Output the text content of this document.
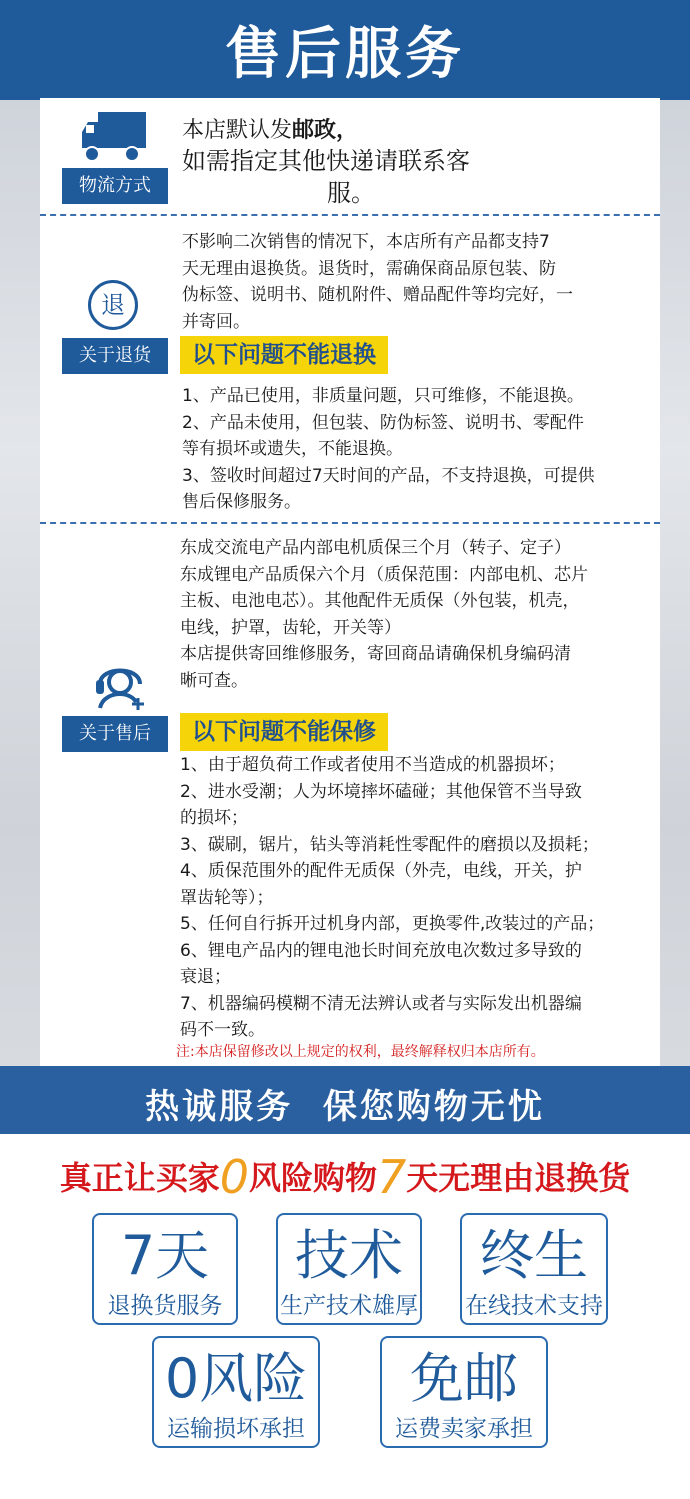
售后服务
物流方式
本店默认发邮政，
如需指定其他快递请联系客
服。
不影响二次销售的情况下，本店所有产品都支持7
天无理由退换货。退货时，需确保商品原包装、防
伪标签、说明书、随机附件、赠品配件等均完好，一
并寄回。
退
关于退货	以下问题不能退换
1、产品已使用，非质量问题，只可维修，不能退换。
2、产品未使用，但包装、防伪标签、说明书、零配件
等有损坏或遗失，不能退换。
3、签收时间超过7天时间的产品，不支持退换，可提供
售后保修服务。
东成交流电产品内部电机质保三个月（转子、定子）
东成锂电产品质保六个月（质保范围：内部电机、芯片
主板、电池电芯）。其他配件无质保（外包装，机壳，
电线，护罩，齿轮，开关等）
本店提供寄回维修服务，寄回商品请确保机身编码清
晰可查。
关于售后	以下问题不能保修
1、由于超负荷工作或者使用不当造成的机器损坏；
2、进水受潮；人为坏境摔坏磕碰；其他保管不当导致
的损坏；
3、碳刷，锯片，钻头等消耗性零配件的磨损以及损耗；
4、质保范围外的配件无质保（外壳，电线，开关，护
罩齿轮等）；
5、任何自行拆开过机身内部，更换零件,改装过的产品；
6、锂电产品内的锂电池长时间充放电次数过多导致的
衰退；
7、机器编码模糊不清无法辨认或者与实际发出机器编
码不一致。
注:本店保留修改以上规定的权利，最终解释权归本店所有。
热诚服务  保您购物无忧
真正让买家0风险购物7天无理由退换货
7天
退换货服务
技术
生产技术雄厚
终生
在线技术支持
0风险
运输损坏承担
免邮
运费卖家承担
